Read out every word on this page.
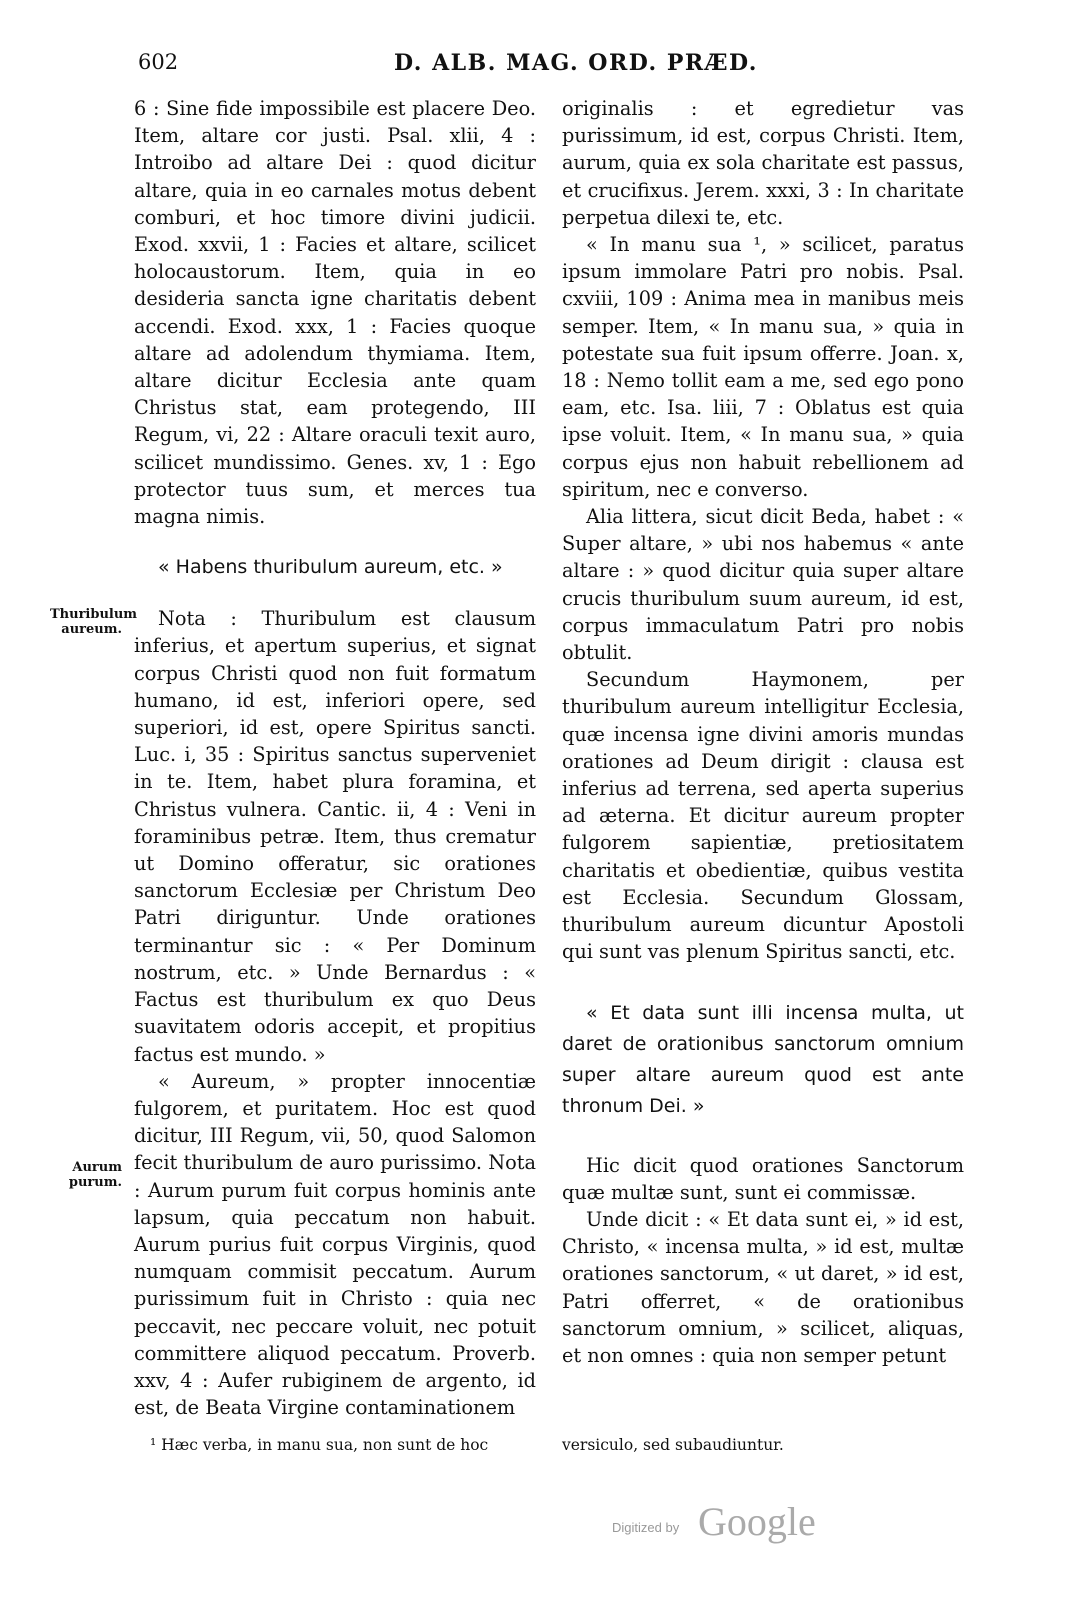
602	D. ALB. MAG. ORD. PRÆD.

6 : Sine fide impossibile est placere Deo. Item, altare cor justi. Psal. xlii, 4 : Introibo ad altare Dei : quod dicitur altare, quia in eo carnales motus debent comburi, et hoc timore divini judicii. Exod. xxvii, 1 : Facies et altare, scilicet holocaustorum. Item, quia in eo desideria sancta igne charitatis debent accendi. Exod. xxx, 1 : Facies quoque altare ad adolendum thymiama. Item, altare dicitur Ecclesia ante quam Christus stat, eam protegendo, III Regum, vi, 22 : Altare oraculi texit auro, scilicet mundissimo. Genes. xv, 1 : Ego protector tuus sum, et merces tua magna nimis.

« Habens thuribulum aureum, etc. »

Nota : Thuribulum est clausum inferius, et apertum superius, et signat corpus Christi quod non fuit formatum humano, id est, inferiori opere, sed superiori, id est, opere Spiritus sancti. Luc. i, 35 : Spiritus sanctus superveniet in te. Item, habet plura foramina, et Christus vulnera. Cantic. ii, 4 : Veni in foraminibus petræ. Item, thus crematur ut Domino offeratur, sic orationes sanctorum Ecclesiæ per Christum Deo Patri diriguntur. Unde orationes terminantur sic : « Per Dominum nostrum, etc. » Unde Bernardus : « Factus est thuribulum ex quo Deus suavitatem odoris accepit, et propitius factus est mundo. »

« Aureum, » propter innocentiæ fulgorem, et puritatem. Hoc est quod dicitur, III Regum, vii, 50, quod Salomon fecit thuribulum de auro purissimo. Nota : Aurum purum fuit corpus hominis ante lapsum, quia peccatum non habuit. Aurum purius fuit corpus Virginis, quod numquam commisit peccatum. Aurum purissimum fuit in Christo : quia nec peccavit, nec peccare voluit, nec potuit committere aliquod peccatum. Proverb. xxv, 4 : Aufer rubiginem de argento, id est, de Beata Virgine contaminationem

Thuribulum aureum.
Aurum purum.

originalis : et egredietur vas purissimum, id est, corpus Christi. Item, aurum, quia ex sola charitate est passus, et crucifixus. Jerem. xxxi, 3 : In charitate perpetua dilexi te, etc.

« In manu sua ¹, » scilicet, paratus ipsum immolare Patri pro nobis. Psal. cxviii, 109 : Anima mea in manibus meis semper. Item, « In manu sua, » quia in potestate sua fuit ipsum offerre. Joan. x, 18 : Nemo tollit eam a me, sed ego pono eam, etc. Isa. liii, 7 : Oblatus est quia ipse voluit. Item, « In manu sua, » quia corpus ejus non habuit rebellionem ad spiritum, nec e converso.

Alia littera, sicut dicit Beda, habet : « Super altare, » ubi nos habemus « ante altare : » quod dicitur quia super altare crucis thuribulum suum aureum, id est, corpus immaculatum Patri pro nobis obtulit.

Secundum Haymonem, per thuribulum aureum intelligitur Ecclesia, quæ incensa igne divini amoris mundas orationes ad Deum dirigit : clausa est inferius ad terrena, sed aperta superius ad æterna. Et dicitur aureum propter fulgorem sapientiæ, pretiositatem charitatis et obedientiæ, quibus vestita est Ecclesia. Secundum Glossam, thuribulum aureum dicuntur Apostoli qui sunt vas plenum Spiritus sancti, etc.

« Et data sunt illi incensa multa, ut daret de orationibus sanctorum omnium super altare aureum quod est ante thronum Dei. »

Hic dicit quod orationes Sanctorum quæ multæ sunt, sunt ei commissæ.

Unde dicit : « Et data sunt ei, » id est, Christo, « incensa multa, » id est, multæ orationes sanctorum, « ut daret, » id est, Patri offerret, « de orationibus sanctorum omnium, » scilicet, aliquas, et non omnes : quia non semper petunt

¹ Hæc verba, in manu sua, non sunt de hoc	versiculo, sed subaudiuntur.
Digitized by Google
